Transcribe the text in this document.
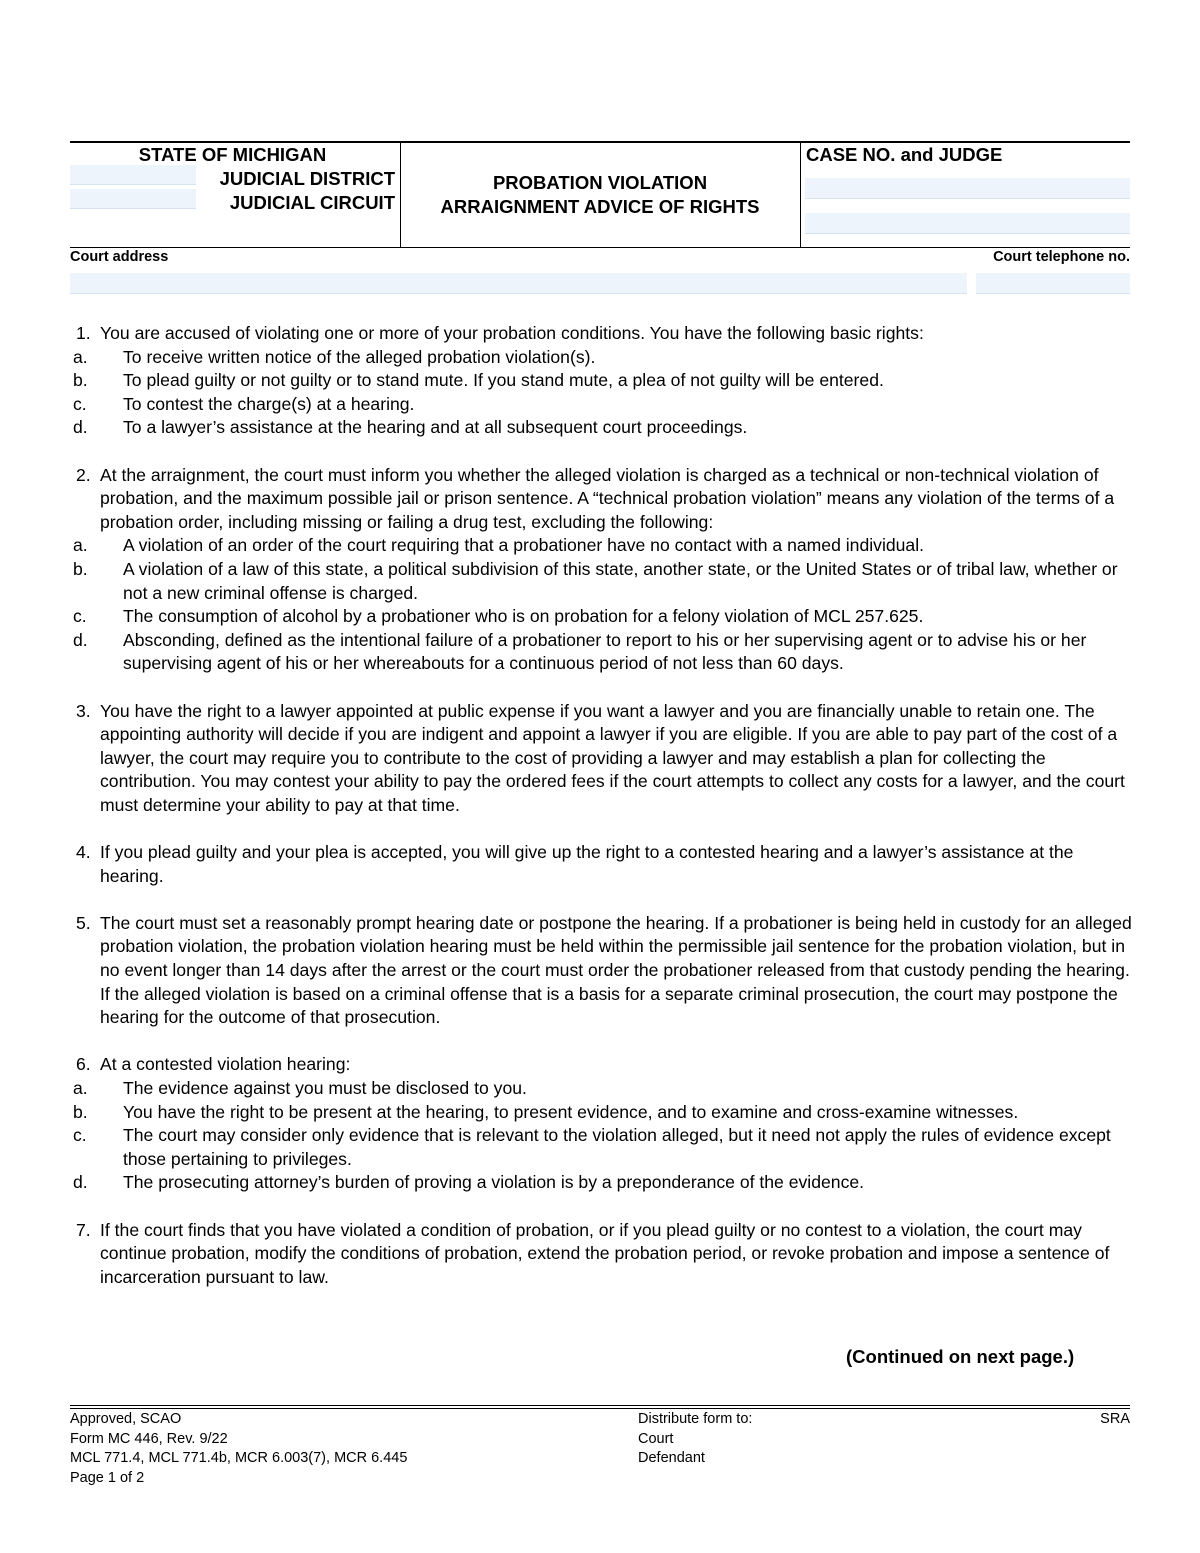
STATE OF MICHIGAN
JUDICIAL DISTRICT
JUDICIAL CIRCUIT
PROBATION VIOLATION
ARRAIGNMENT ADVICE OF RIGHTS
CASE NO. and JUDGE
Court address	Court telephone no.
1. You are accused of violating one or more of your probation conditions. You have the following basic rights:
a. To receive written notice of the alleged probation violation(s).
b. To plead guilty or not guilty or to stand mute. If you stand mute, a plea of not guilty will be entered.
c. To contest the charge(s) at a hearing.
d. To a lawyer’s assistance at the hearing and at all subsequent court proceedings.
2. At the arraignment, the court must inform you whether the alleged violation is charged as a technical or non-technical violation of probation, and the maximum possible jail or prison sentence. A “technical probation violation” means any violation of the terms of a probation order, including missing or failing a drug test, excluding the following:
a. A violation of an order of the court requiring that a probationer have no contact with a named individual.
b. A violation of a law of this state, a political subdivision of this state, another state, or the United States or of tribal law, whether or not a new criminal offense is charged.
c. The consumption of alcohol by a probationer who is on probation for a felony violation of MCL 257.625.
d. Absconding, defined as the intentional failure of a probationer to report to his or her supervising agent or to advise his or her supervising agent of his or her whereabouts for a continuous period of not less than 60 days.
3. You have the right to a lawyer appointed at public expense if you want a lawyer and you are financially unable to retain one. The appointing authority will decide if you are indigent and appoint a lawyer if you are eligible. If you are able to pay part of the cost of a lawyer, the court may require you to contribute to the cost of providing a lawyer and may establish a plan for collecting the contribution. You may contest your ability to pay the ordered fees if the court attempts to collect any costs for a lawyer, and the court must determine your ability to pay at that time.
4. If you plead guilty and your plea is accepted, you will give up the right to a contested hearing and a lawyer’s assistance at the hearing.
5. The court must set a reasonably prompt hearing date or postpone the hearing. If a probationer is being held in custody for an alleged probation violation, the probation violation hearing must be held within the permissible jail sentence for the probation violation, but in no event longer than 14 days after the arrest or the court must order the probationer released from that custody pending the hearing. If the alleged violation is based on a criminal offense that is a basis for a separate criminal prosecution, the court may postpone the hearing for the outcome of that prosecution.
6. At a contested violation hearing:
a. The evidence against you must be disclosed to you.
b. You have the right to be present at the hearing, to present evidence, and to examine and cross-examine witnesses.
c. The court may consider only evidence that is relevant to the violation alleged, but it need not apply the rules of evidence except those pertaining to privileges.
d. The prosecuting attorney’s burden of proving a violation is by a preponderance of the evidence.
7. If the court finds that you have violated a condition of probation, or if you plead guilty or no contest to a violation, the court may continue probation, modify the conditions of probation, extend the probation period, or revoke probation and impose a sentence of incarceration pursuant to law.
(Continued on next page.)
Approved, SCAO
Form MC 446, Rev. 9/22
MCL 771.4, MCL 771.4b, MCR 6.003(7), MCR 6.445
Page 1 of 2
Distribute form to:
Court
Defendant
SRA
